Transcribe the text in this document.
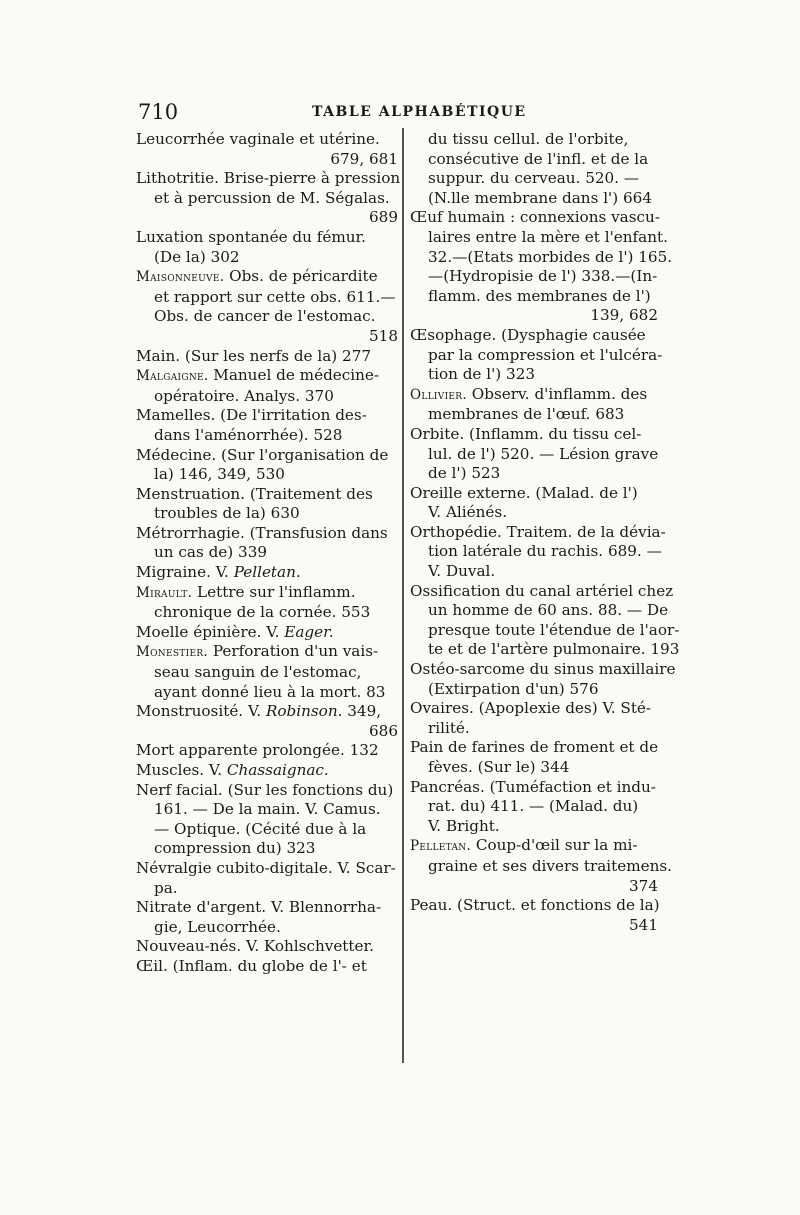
710	TABLE ALPHABÉTIQUE
Leucorrhée vaginale et utérine.
679, 681
Lithotritie. Brise-pierre à pression
et à percussion de M. Ségalas.
689
Luxation spontanée du fémur.
(De la) 302
Maisonneuve. Obs. de péricardite
et rapport sur cette obs. 611.—
Obs. de cancer de l'estomac.
518
Main. (Sur les nerfs de la) 277
Malgaigne. Manuel de médecine-
opératoire. Analys. 370
Mamelles. (De l'irritation des-
dans l'aménorrhée). 528
Médecine. (Sur l'organisation de
la) 146, 349, 530
Menstruation. (Traitement des
troubles de la) 630
Métrorrhagie. (Transfusion dans
un cas de) 339
Migraine. V. Pelletan.
Mirault. Lettre sur l'inflamm.
chronique de la cornée. 553
Moelle épinière. V. Eager.
Monestier. Perforation d'un vais-
seau sanguin de l'estomac,
ayant donné lieu à la mort. 83
Monstruosité. V. Robinson. 349,
686
Mort apparente prolongée. 132
Muscles. V. Chassaignac.
Nerf facial. (Sur les fonctions du)
161. — De la main. V. Camus.
— Optique. (Cécité due à la
compression du) 323
Névralgie cubito-digitale. V. Scar-
pa.
Nitrate d'argent. V. Blennorrha-
gie, Leucorrhée.
Nouveau-nés. V. Kohlschvetter.
Œil. (Inflam. du globe de l'- et
du tissu cellul. de l'orbite,
consécutive de l'infl. et de la
suppur. du cerveau. 520. —
(N.lle membrane dans l') 664
Œuf humain : connexions vascu-
laires entre la mère et l'enfant.
32.—(Etats morbides de l') 165.
—(Hydropisie de l') 338.—(In-
flamm. des membranes de l')
139, 682
Œsophage. (Dysphagie causée
par la compression et l'ulcéra-
tion de l') 323
Ollivier. Observ. d'inflamm. des
membranes de l'œuf. 683
Orbite. (Inflamm. du tissu cel-
lul. de l') 520. — Lésion grave
de l') 523
Oreille externe. (Malad. de l')
V. Aliénés.
Orthopédie. Traitem. de la dévia-
tion latérale du rachis. 689. —
V. Duval.
Ossification du canal artériel chez
un homme de 60 ans. 88. — De
presque toute l'étendue de l'aor-
te et de l'artère pulmonaire. 193
Ostéo-sarcome du sinus maxillaire
(Extirpation d'un) 576
Ovaires. (Apoplexie des) V. Sté-
rilité.
Pain de farines de froment et de
fèves. (Sur le) 344
Pancréas. (Tuméfaction et indu-
rat. du) 411. — (Malad. du)
V. Bright.
Pelletan. Coup-d'œil sur la mi-
graine et ses divers traitemens.
374
Peau. (Struct. et fonctions de la)
541
